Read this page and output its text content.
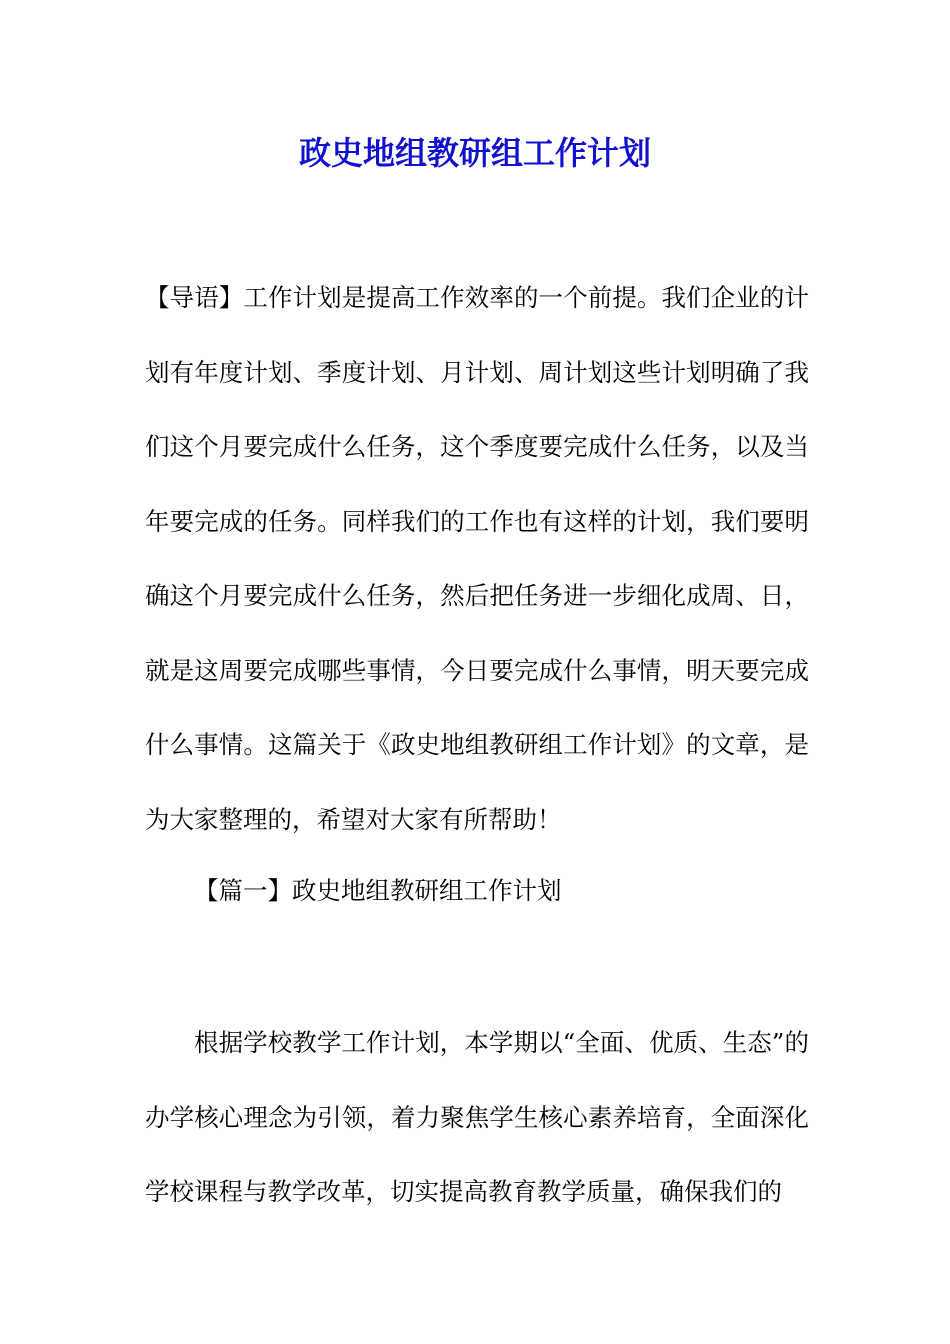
政史地组教研组工作计划

【导语】工作计划是提高工作效率的一个前提。我们企业的计划有年度计划、季度计划、月计划、周计划这些计划明确了我们这个月要完成什么任务，这个季度要完成什么任务，以及当年要完成的任务。同样我们的工作也有这样的计划，我们要明确这个月要完成什么任务，然后把任务进一步细化成周、日，就是这周要完成哪些事情，今日要完成什么事情，明天要完成什么事情。这篇关于《政史地组教研组工作计划》的文章，是为大家整理的，希望对大家有所帮助！

【篇一】政史地组教研组工作计划

根据学校教学工作计划，本学期以“全面、优质、生态”的办学核心理念为引领，着力聚焦学生核心素养培育，全面深化学校课程与教学改革，切实提高教育教学质量，确保我们的
